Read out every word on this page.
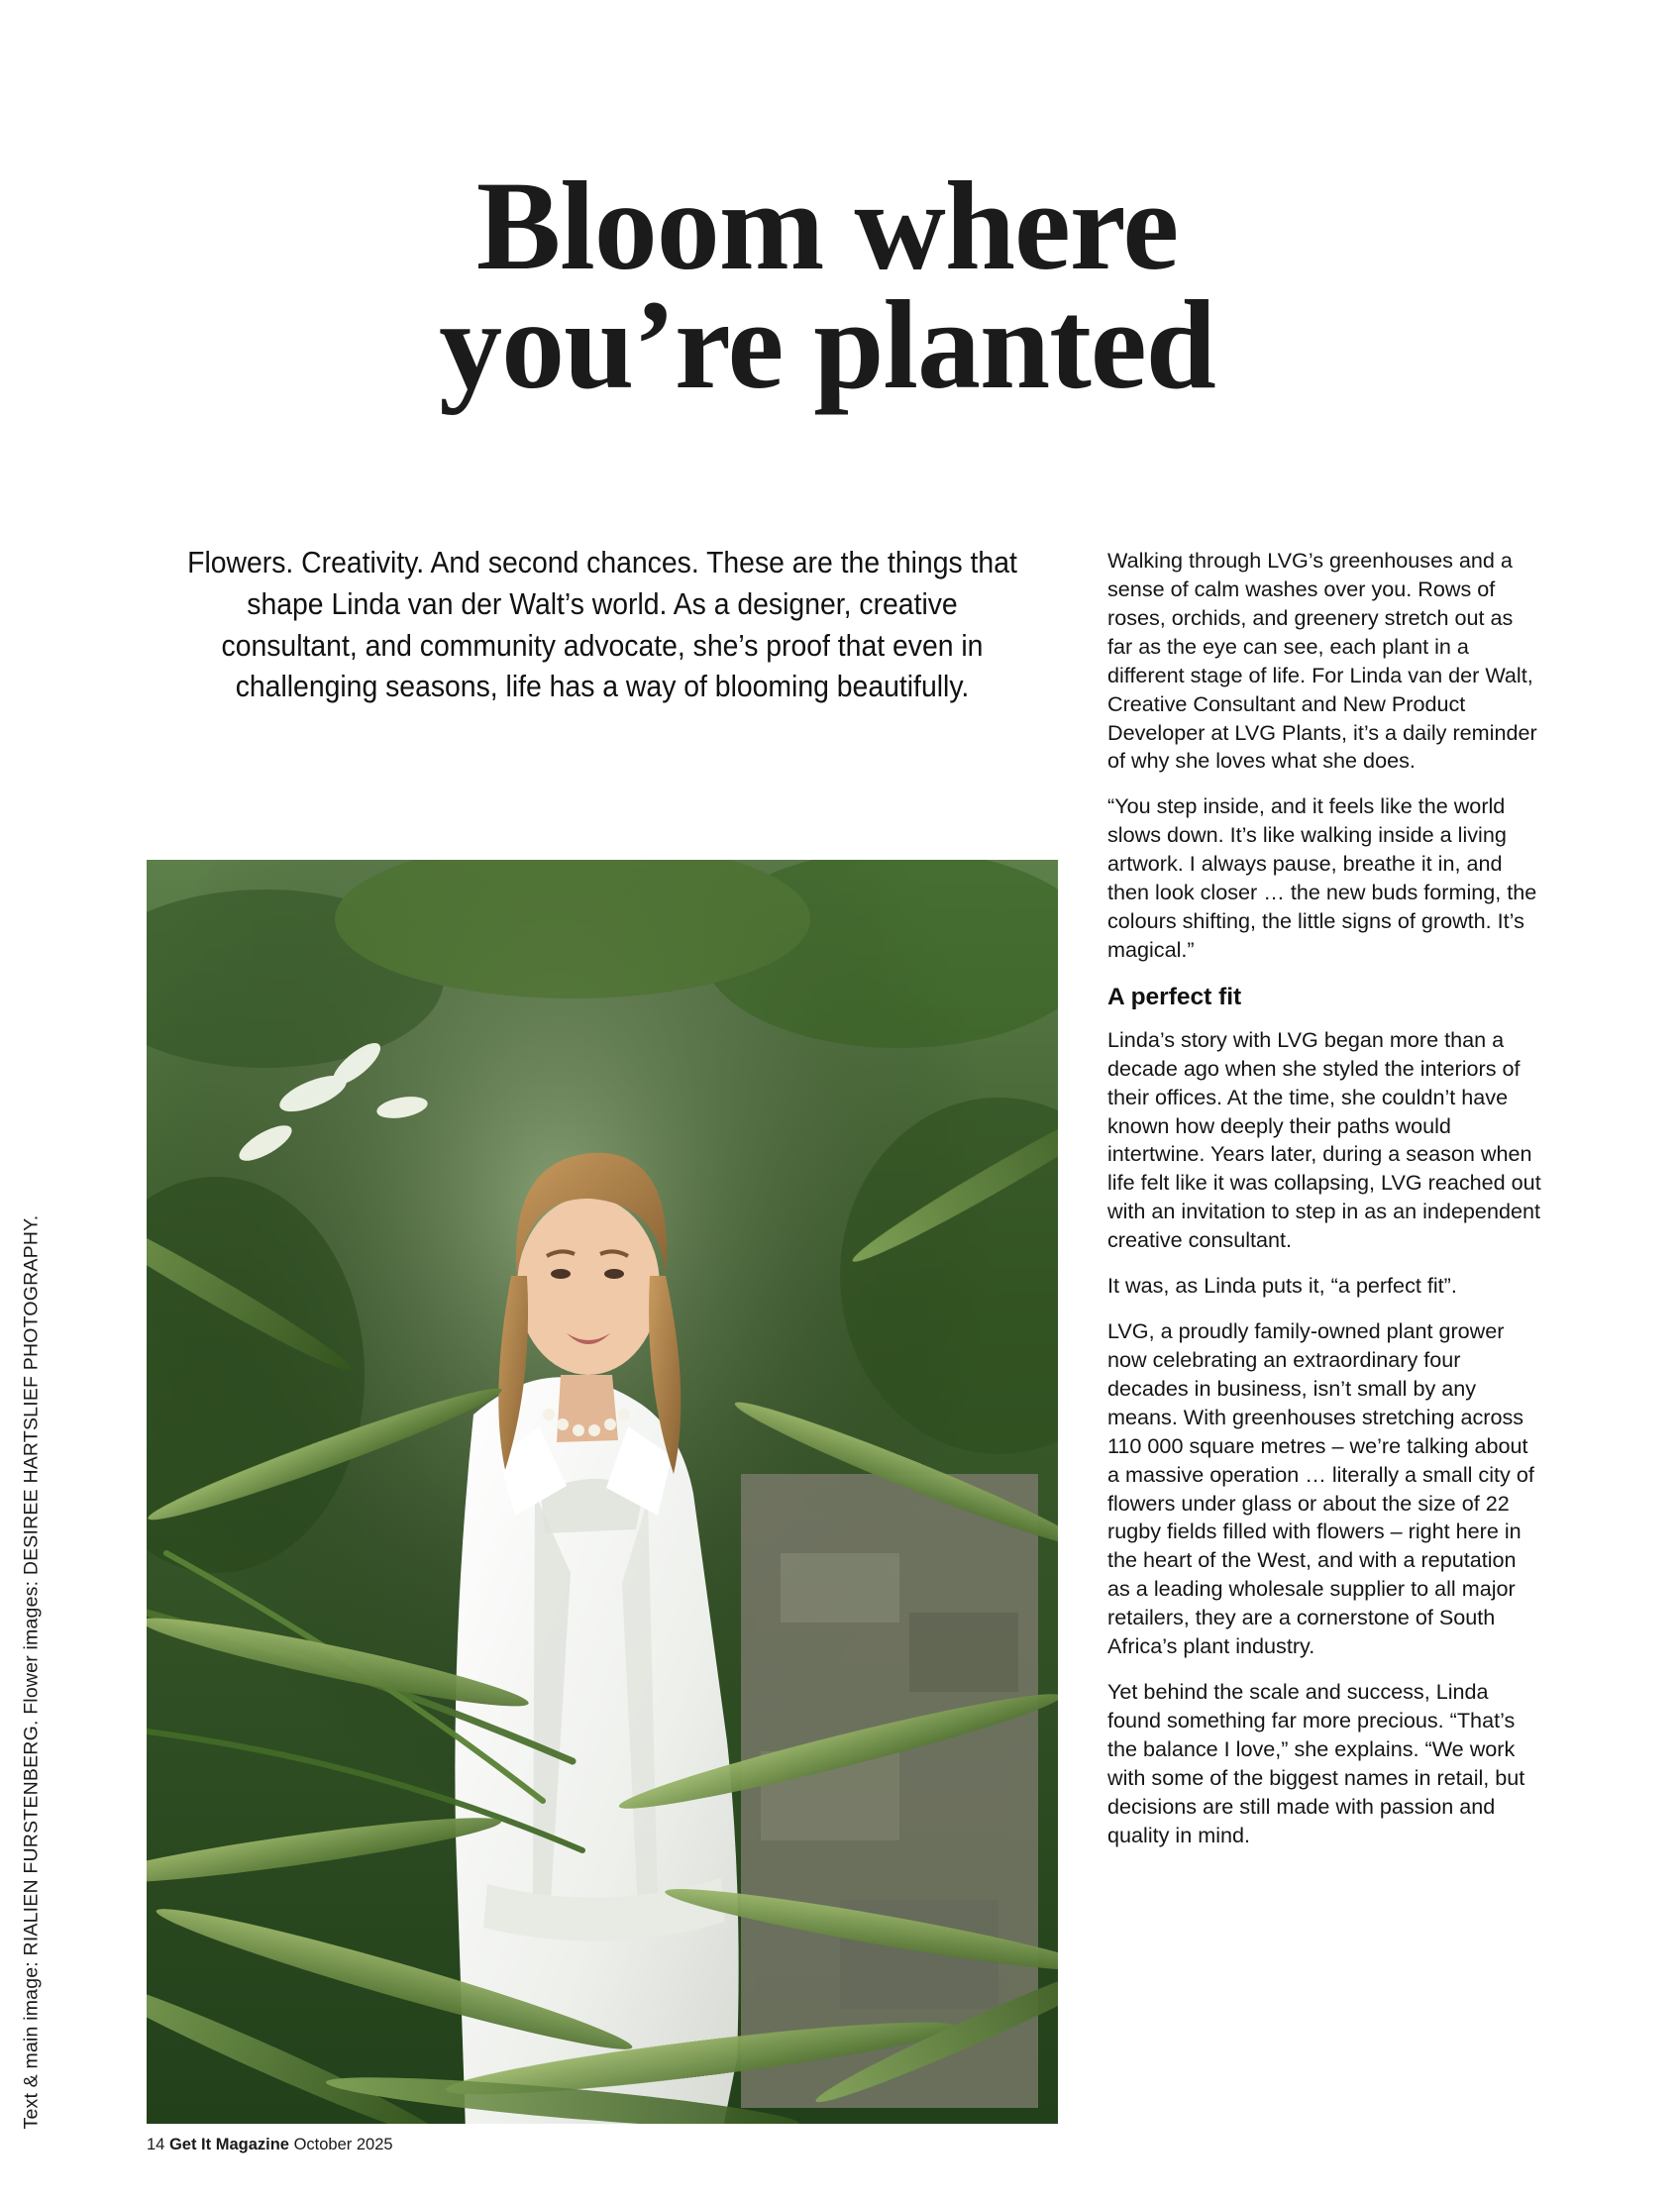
Bloom where
you’re planted
Flowers. Creativity. And second chances. These are the things that shape Linda van der Walt’s world. As a designer, creative consultant, and community advocate, she’s proof that even in challenging seasons, life has a way of blooming beautifully.
Text & main image: RIALIEN FURSTENBERG. Flower images: DESIREE HARTSLIEF PHOTOGRAPHY.
14 Get It Magazine October 2025

Walking through LVG’s greenhouses and a sense of calm washes over you. Rows of roses, orchids, and greenery stretch out as far as the eye can see, each plant in a different stage of life. For Linda van der Walt, Creative Consultant and New Product Developer at LVG Plants, it’s a daily reminder of why she loves what she does.

“You step inside, and it feels like the world slows down. It’s like walking inside a living artwork. I always pause, breathe it in, and then look closer … the new buds forming, the colours shifting, the little signs of growth. It’s magical.”

A perfect fit

Linda’s story with LVG began more than a decade ago when she styled the interiors of their offices. At the time, she couldn’t have known how deeply their paths would intertwine. Years later, during a season when life felt like it was collapsing, LVG reached out with an invitation to step in as an independent creative consultant.

It was, as Linda puts it, “a perfect fit”.

LVG, a proudly family-owned plant grower now celebrating an extraordinary four decades in business, isn’t small by any means. With greenhouses stretching across 110 000 square metres – we’re talking about a massive operation … literally a small city of flowers under glass or about the size of 22 rugby fields filled with flowers – right here in the heart of the West, and with a reputation as a leading wholesale supplier to all major retailers, they are a cornerstone of South Africa’s plant industry.

Yet behind the scale and success, Linda found something far more precious. “That’s the balance I love,” she explains. “We work with some of the biggest names in retail, but decisions are still made with passion and quality in mind.
